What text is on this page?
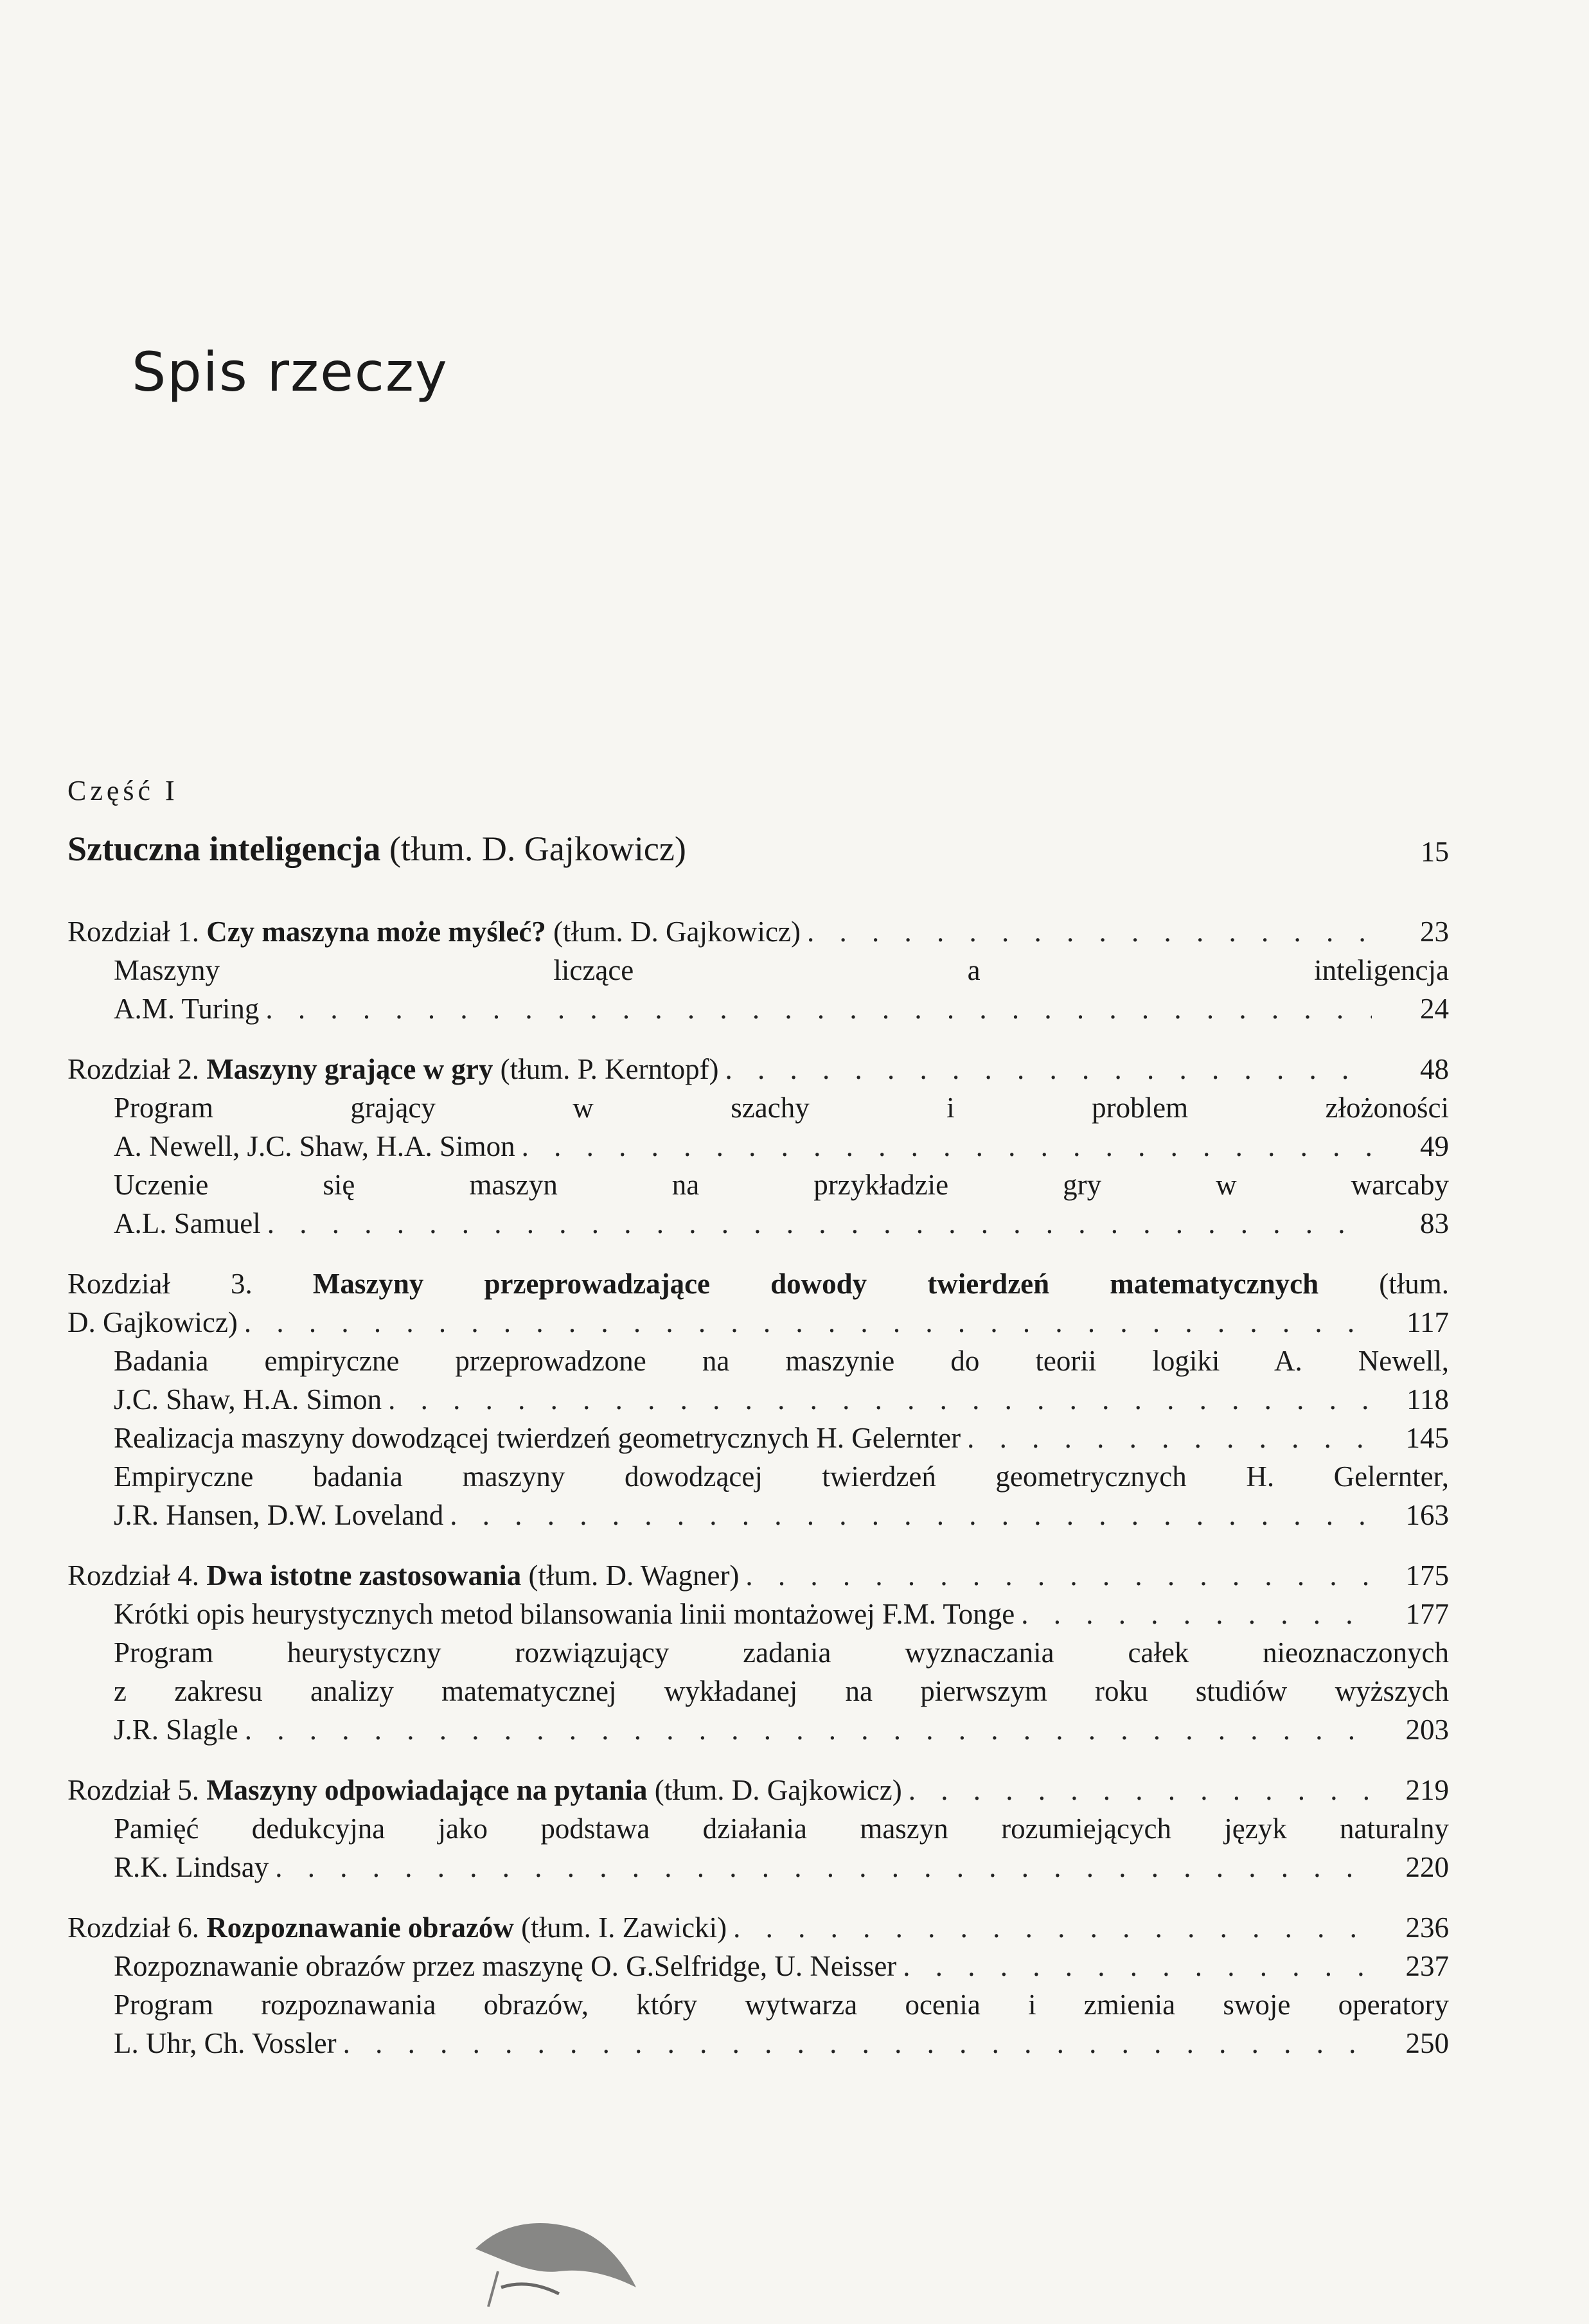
Spis rzeczy
Część I
Sztuczna inteligencja (tłum. D. Gajkowicz)	15
Rozdział 1. Czy maszyna może myśleć? (tłum. D. Gajkowicz) . . .	23
Maszyny liczące a inteligencja
A.M. Turing . . .	24
Rozdział 2. Maszyny grające w gry (tłum. P. Kerntopf) . . .	48
Program grający w szachy i problem złożoności
A. Newell, J.C. Shaw, H.A. Simon . . .	49
Uczenie się maszyn na przykładzie gry w warcaby
A.L. Samuel . . .	83
Rozdział 3. Maszyny przeprowadzające dowody twierdzeń matematycznych (tłum.
D. Gajkowicz) . . .	117
Badania empiryczne przeprowadzone na maszynie do teorii logiki A. Newell,
J.C. Shaw, H.A. Simon . . .	118
Realizacja maszyny dowodzącej twierdzeń geometrycznych H. Gelernter . . .	145
Empiryczne badania maszyny dowodzącej twierdzeń geometrycznych H. Gelernter,
J.R. Hansen, D.W. Loveland . . .	163
Rozdział 4. Dwa istotne zastosowania (tłum. D. Wagner) . . .	175
Krótki opis heurystycznych metod bilansowania linii montażowej F.M. Tonge . . .	177
Program heurystyczny rozwiązujący zadania wyznaczania całek nieoznaczonych
z zakresu analizy matematycznej wykładanej na pierwszym roku studiów wyższych
J.R. Slagle . . .	203
Rozdział 5. Maszyny odpowiadające na pytania (tłum. D. Gajkowicz) . . .	219
Pamięć dedukcyjna jako podstawa działania maszyn rozumiejących język naturalny
R.K. Lindsay . . .	220
Rozdział 6. Rozpoznawanie obrazów (tłum. I. Zawicki) . . .	236
Rozpoznawanie obrazów przez maszynę O. G.Selfridge, U. Neisser . . .	237
Program rozpoznawania obrazów, który wytwarza ocenia i zmienia swoje operatory
L. Uhr, Ch. Vossler . . .	250
